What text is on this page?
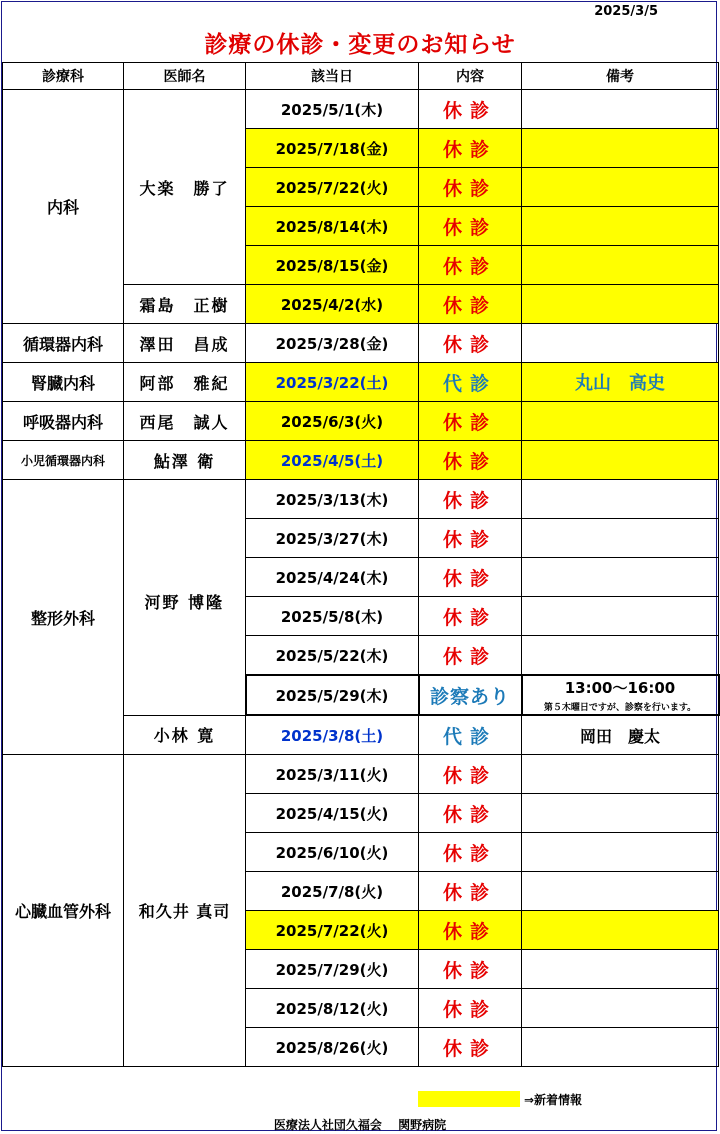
2025/3/5
診療の休診・変更のお知らせ
診療科	医師名	該当日	内容	備考
内科	大楽　勝了	2025/5/1(木)	休診	
		2025/7/18(金)	休診	
		2025/7/22(火)	休診	
		2025/8/14(木)	休診	
		2025/8/15(金)	休診	
	霜島　正樹	2025/4/2(水)	休診	
循環器内科	澤田　昌成	2025/3/28(金)	休診	
腎臓内科	阿部　雅紀	2025/3/22(土)	代診	丸山　高史
呼吸器内科	西尾　誠人	2025/6/3(火)	休診	
小児循環器内科	鮎澤 衛	2025/4/5(土)	休診	
整形外科	河野 博隆	2025/3/13(木)	休診	
		2025/3/27(木)	休診	
		2025/4/24(木)	休診	
		2025/5/8(木)	休診	
		2025/5/22(木)	休診	
		2025/5/29(木)	診察あり	13:00～16:00
第５木曜日ですが、診察を行います。

	小林 寛	2025/3/8(土)	代診	岡田　慶太
心臓血管外科	和久井 真司	2025/3/11(火)	休診	
		2025/4/15(火)	休診	
		2025/6/10(火)	休診	
		2025/7/8(火)	休診	
		2025/7/22(火)	休診	
		2025/7/29(火)	休診	
		2025/8/12(火)	休診	
		2025/8/26(火)	休診	
⇒新着情報
医療法人社団久福会 関野病院
